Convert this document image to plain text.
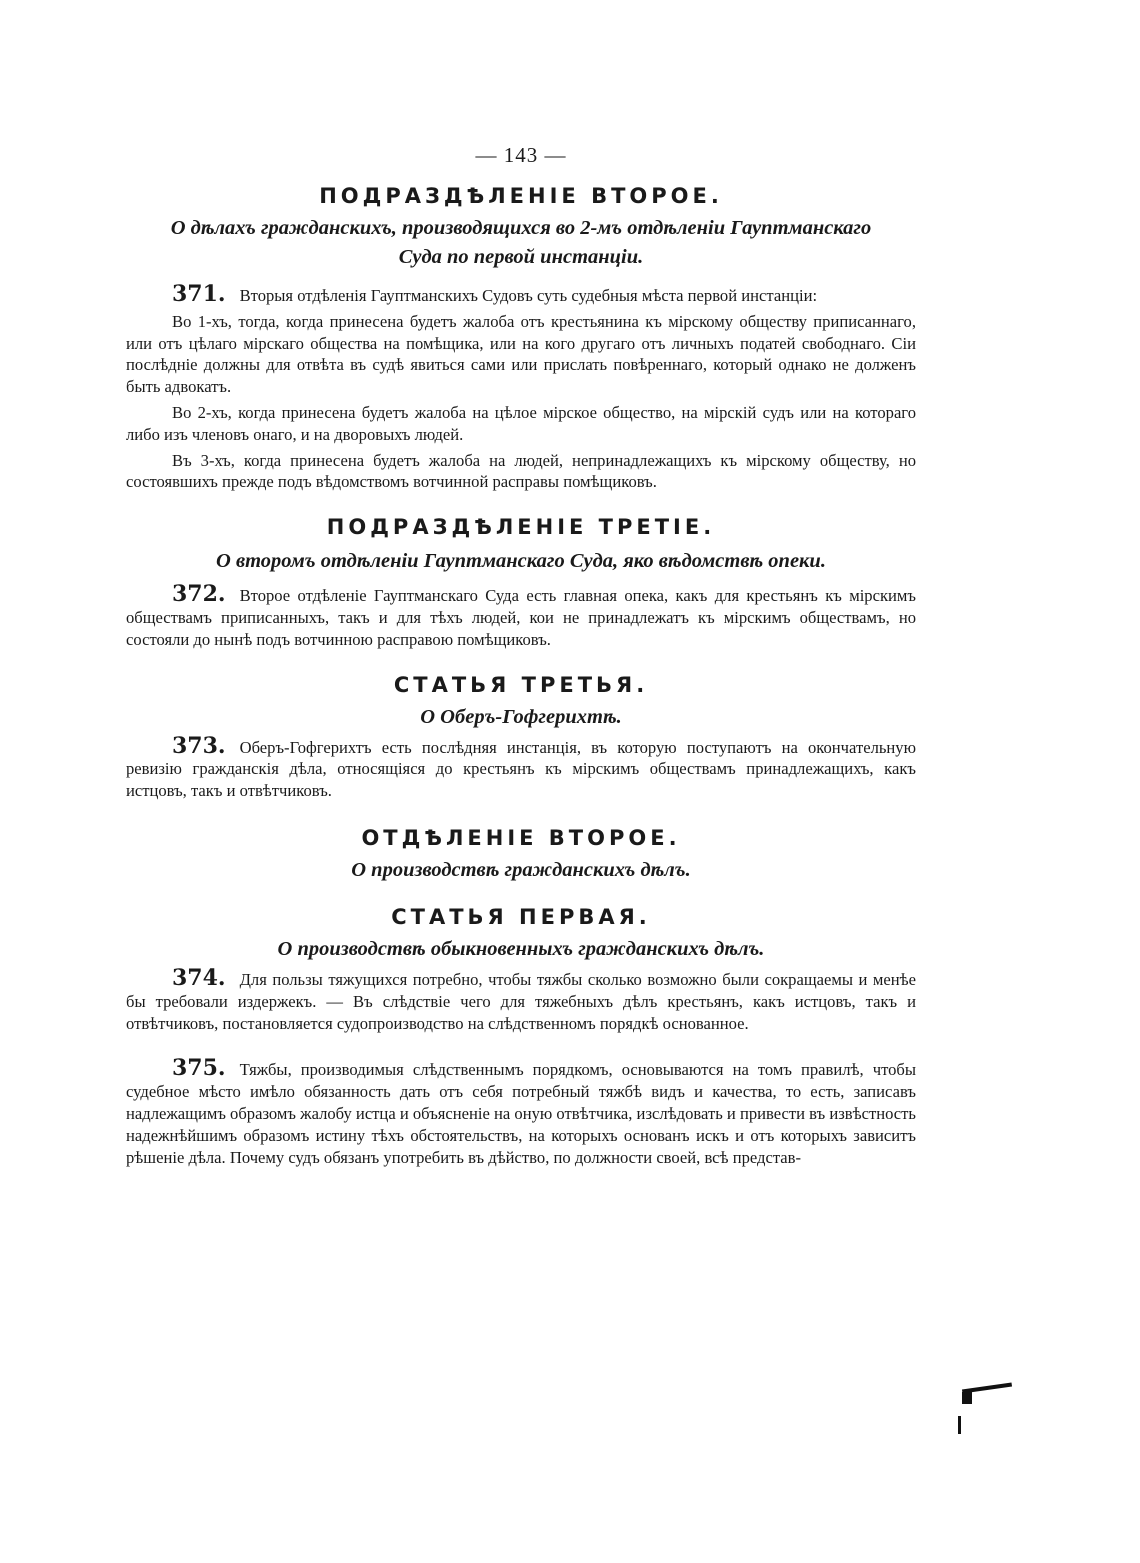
— 143 —
ПОДРАЗДѢЛЕНІЕ ВТОРОЕ.
О дѣлахъ гражданскихъ, производящихся во 2-мъ отдѣленіи Гауптманскаго
Суда по первой инстанціи.

371. Вторыя отдѣленія Гауптманскихъ Судовъ суть судебныя мѣста первой инстанціи:

Во 1-хъ, тогда, когда принесена будетъ жалоба отъ крестьянина къ мірскому обществу приписаннаго, или отъ цѣлаго мірскаго общества на помѣщика, или на кого другаго отъ личныхъ податей свободнаго. Сіи послѣдніе должны для отвѣта въ судѣ явиться сами или прислать повѣреннаго, который однако не долженъ быть адвокатъ.

Во 2-хъ, когда принесена будетъ жалоба на цѣлое мірское общество, на мірскій судъ или на котораго либо изъ членовъ онаго, и на дворовыхъ людей.

Въ 3-хъ, когда принесена будетъ жалоба на людей, непринадлежащихъ къ мірскому обществу, но состоявшихъ прежде подъ вѣдомствомъ вотчинной расправы помѣщиковъ.

ПОДРАЗДѢЛЕНІЕ ТРЕТІЕ.
О второмъ отдѣленіи Гауптманскаго Суда, яко вѣдомствѣ опеки.

372. Второе отдѣленіе Гауптманскаго Суда есть главная опека, какъ для крестьянъ къ мірскимъ обществамъ приписанныхъ, такъ и для тѣхъ людей, кои не принадлежатъ къ мірскимъ обществамъ, но состояли до нынѣ подъ вотчинною расправою помѣщиковъ.

СТАТЬЯ ТРЕТЬЯ.
О Оберъ-Гофгерихтѣ.

373. Оберъ-Гофгерихтъ есть послѣдняя инстанція, въ которую поступаютъ на окончательную ревизію гражданскія дѣла, относящіяся до крестьянъ къ мірскимъ обществамъ принадлежащихъ, какъ истцовъ, такъ и отвѣтчиковъ.

ОТДѢЛЕНІЕ ВТОРОЕ.
О производствѣ гражданскихъ дѣлъ.
СТАТЬЯ ПЕРВАЯ.
О производствѣ обыкновенныхъ гражданскихъ дѣлъ.

374. Для пользы тяжущихся потребно, чтобы тяжбы сколько возможно были сокращаемы и менѣе бы требовали издержекъ. — Въ слѣдствіе чего для тяжебныхъ дѣлъ крестьянъ, какъ истцовъ, такъ и отвѣтчиковъ, постановляется судопроизводство на слѣдственномъ порядкѣ основанное.

375. Тяжбы, производимыя слѣдственнымъ порядкомъ, основываются на томъ правилѣ, чтобы судебное мѣсто имѣло обязанность дать отъ себя потребный тяжбѣ видъ и качества, то есть, записавъ надлежащимъ образомъ жалобу истца и объясненіе на оную отвѣтчика, изслѣдовать и привести въ извѣстность надежнѣйшимъ образомъ истину тѣхъ обстоятельствъ, на которыхъ основанъ искъ и отъ которыхъ зависитъ рѣшеніе дѣла. Почему судъ обязанъ употребить въ дѣйство, по должности своей, всѣ представ-
